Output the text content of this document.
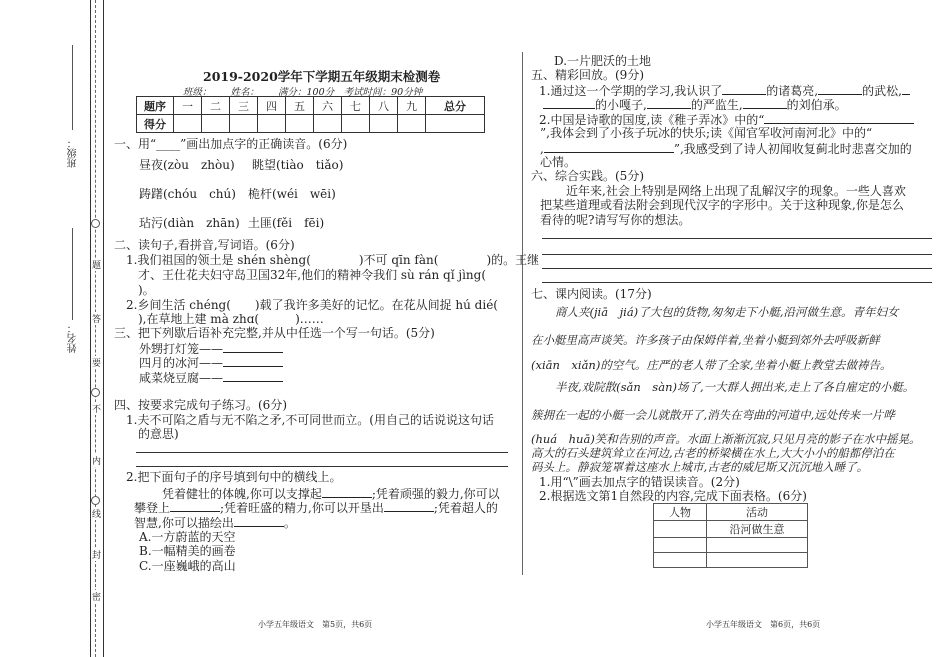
班级：
姓名：
题
答
要
不
内
线
封
密
2019-2020学年下学期五年级期末检测卷
班级：　　姓名：　　满分：100分　考试时间：90分钟
题序	一	二	三	四	五	六	七	八	九	总分
得分										
一、用“____”画出加点字的正确读音。(6分)
昼夜(zòu　zhòu) 眺望(tiào　tiǎo)
踌躇(chóu　chú) 桅杆(wéi　wēi)
玷污(diàn　zhān) 土匪(fěi　fēi)
二、读句子,看拼音,写词语。(6分)
1.我们祖国的领土是 shén shèng(　　　　)不可 qīn fàn(　　　　)的。王继
才、王仕花夫妇守岛卫国32年,他们的精神令我们 sù rán qǐ jìng(
)。
2.乡间生活 chéng(　　)载了我许多美好的记忆。在花从间捉 hú dié(
),在草地上建 mà zhɑ(　　　)……
三、把下列歇后语补充完整,并从中任选一个写一句话。(5分)
外甥打灯笼——
四月的冰河——
咸菜烧豆腐——
四、按要求完成句子练习。(6分)
1.夫不可陷之盾与无不陷之矛,不可同世而立。(用自己的话说说这句话
的意思)
2.把下面句子的序号填到句中的横线上。
凭着健壮的体魄,你可以支撑起	;凭着顽强的毅力,你可以
攀登上	;凭着旺盛的精力,你可以开垦出	;凭着超人的
智慧,你可以描绘出	。
A.一方蔚蓝的天空
B.一幅精美的画卷
C.一座巍峨的高山
D.一片肥沃的土地
五、精彩回放。(9分)
1.通过这一个学期的学习,我认识了	的诸葛亮,	的武松,
的小嘎子,	的严监生,	的刘伯承。
2.中国是诗歌的国度,读《稚子弄冰》中的“
”,我体会到了小孩子玩冰的快乐;读《闻官军收河南河北》中的“
,	”,我感受到了诗人初闻收复蓟北时悲喜交加的
心情。
六、综合实践。(5分)
近年来,社会上特别是网络上出现了乱解汉字的现象。一些人喜欢
把某些道理或看法附会到现代汉字的字形中。关于这种现象,你是怎么
看待的呢?请写写你的想法。
七、课内阅读。(17分)
商人夹(jiā　jiá)了大包的货物,匆匆走下小艇,沿河做生意。青年妇女
在小艇里高声谈笑。许多孩子由保姆伴着,坐着小艇到郊外去呼吸新鲜
(xiān　xiǎn)的空气。庄严的老人带了全家,坐着小艇上教堂去做祷告。
半夜,戏院散(sǎn　sàn)场了,一大群人拥出来,走上了各自雇定的小艇。
簇拥在一起的小艇一会儿就散开了,消失在弯曲的河道中,远处传来一片哗
(huá　huā)笑和告别的声音。水面上渐渐沉寂,只见月亮的影子在水中摇晃。
高大的石头建筑耸立在河边,古老的桥梁横在水上,大大小小的船都停泊在
码头上。静寂笼罩着这座水上城市,古老的威尼斯又沉沉地入睡了。
1.用“\”画去加点字的错误读音。(2分)
2.根据选文第1自然段的内容,完成下面表格。(6分)
人物	活动
	沿河做生意

小学五年级语文　第5页，共6页	小学五年级语文　第6页，共6页
